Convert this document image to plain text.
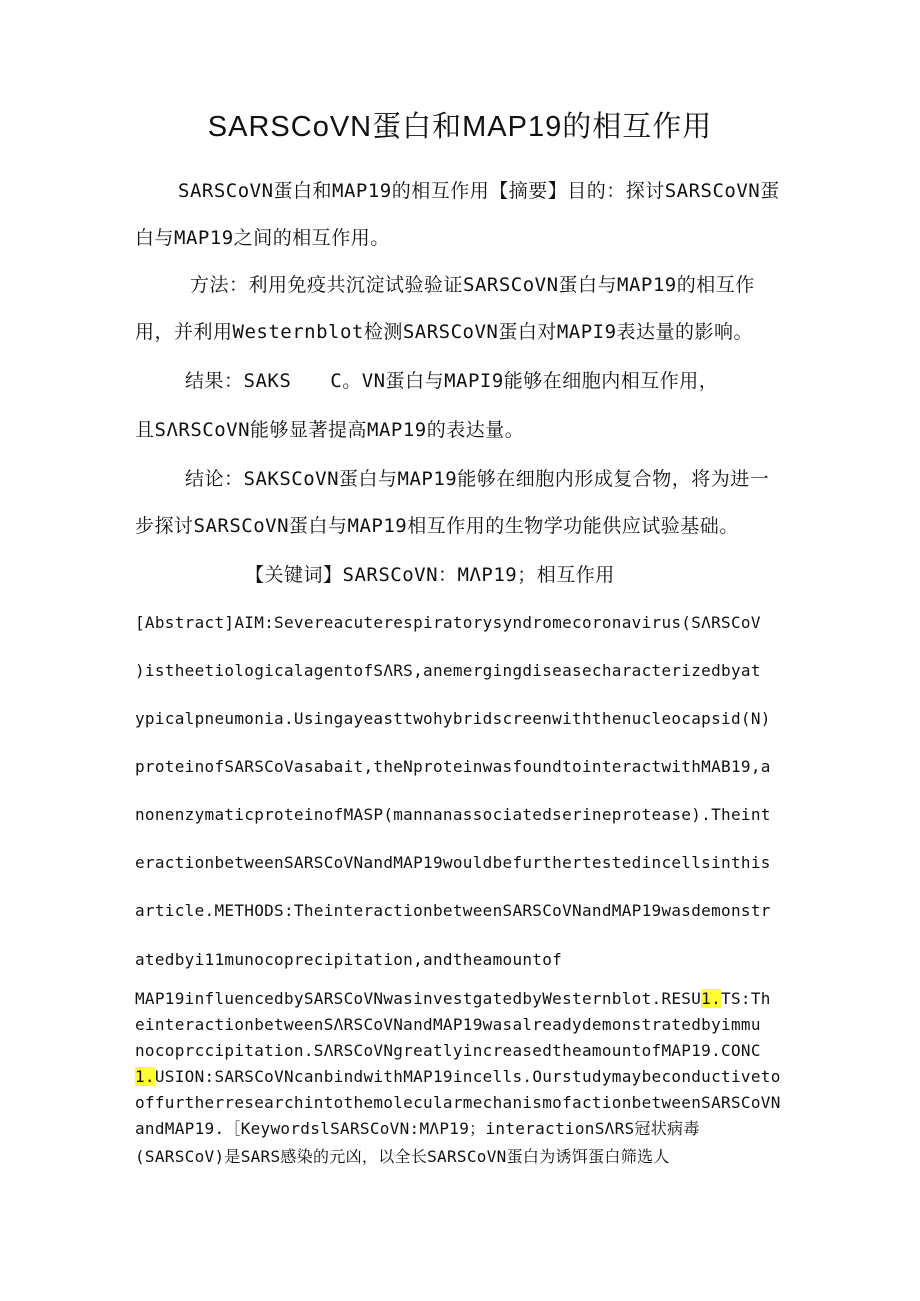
SARSCoVN蛋白和MAP19的相互作用
SARSCoVN蛋白和MAP19的相互作用【摘要】目的：探讨SARSCoVN蛋
白与MAP19之间的相互作用。
方法：利用免疫共沉淀试验验证SARSCoVN蛋白与MAP19的相互作
用，并利用Westernblot检测SARSCoVN蛋白对MAPI9表达量的影响。
结果：SAKS　　C。VN蛋白与MAPI9能够在细胞内相互作用，
且SΛRSCoVN能够显著提高MAP19的表达量。
结论：SAKSCoVN蛋白与MAP19能够在细胞内形成复合物，将为进一
步探讨SARSCoVN蛋白与MAP19相互作用的生物学功能供应试验基础。
【关键词】SARSCoVN：MΛP19；相互作用
[Abstract]AIM:Severeacuterespiratorysyndromecoronavirus(SΛRSCoV
)istheetiologicalagentofSΛRS,anemergingdiseasecharacterizedbyat
ypicalpneumonia.Usingayeasttwohybridscreenwiththenucleocapsid(N)
proteinofSARSCoVasabait,theNproteinwasfoundtointeractwithMAB19,a
nonenzymaticproteinofMASP(mannanassociatedserineprotease).Theint
eractionbetweenSARSCoVNandMAP19wouldbefurthertestedincellsinthis
article.METHODS:TheinteractionbetweenSARSCoVNandMAP19wasdemonstr
atedbyi11munocoprecipitation,andtheamountof
MAP19influencedbySARSCoVNwasinvestgatedbyWesternblot.RESU1.TS:Th
einteractionbetweenSΛRSCoVNandMAP19wasalreadydemonstratedbyimmu
nocoprccipitation.SΛRSCoVNgreatlyincreasedtheamountofMAP19.CONC
1.USION:SARSCoVNcanbindwithMAP19incells.Ourstudymaybeconductiveto
offurtherresearchintothemolecularmechanismofactionbetweenSARSCoVN
andMAP19.［KeywordslSARSCoVN:MΛP19；interactionSΛRS冠状病毒
(SARSCoV)是SARS感染的元凶，以全长SARSCoVN蛋白为诱饵蛋白筛选人
